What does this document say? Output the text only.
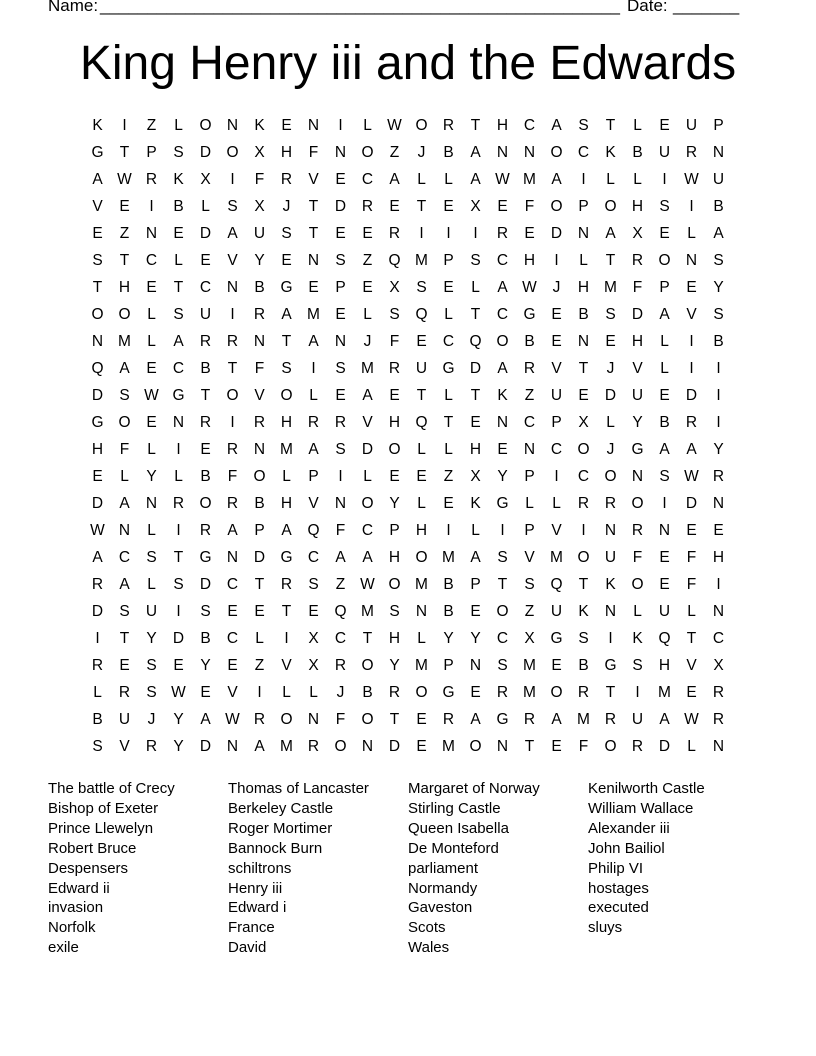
Name: _______________________________________________________ Date: _______
King Henry iii and the Edwards
K	I	Z	L	O N	K	E	N	I	L W O R	T	H	C	A	S	T	L	E	U	P
G	T	P	S	D O	X	H	F	N O	Z	J	B	A	N	N O C	K	B	U	R	N
A W R	K	X	I	F	R	V	E	C	A	L	L	A W M A	I	L	L	I	W U
V	E	I	B	L	S	X	J	T	D	R	E	T	E	X	E	F	O	P	O H	S	I	B
E	Z	N	E	D	A	U	S	T	E	E	R	I	I	I	R	E	D	N	A	X	E	L	A
S	T	C	L	E	V	Y	E	N	S	Z	Q M P	S	C	H	I	L	T	R O N	S
T	H	E	T	C	N	B	G	E	P	E	X	S	E	L	A W	J	H M	F	P	E	Y
O O	L	S	U	I	R	A M E	L	S	Q	L	T	C G	E	B	S	D	A	V	S
N M	L	A	R	R	N	T	A	N	J	F	E	C Q O	B	E	N	E	H	L	I	B
Q	A	E	C	B	T	F	S	I	S M R	U G D	A	R	V	T	J	V	L	I	I
D	S W G	T	O	V	O	L	E	A	E	T	L	T	K	Z	U	E	D	U	E	D	I
G O	E	N	R	I	R	H	R	R	V	H Q	T	E	N	C	P	X	L	Y	B	R	I
H	F	L	I	E	R	N M A	S	D O	L	L	H	E	N	C O	J	G	A	A	Y
E	L	Y	L	B	F	O	L	P	I	L	E	E	Z	X	Y	P	I	C O N	S W R
D	A	N	R O R	B	H	V	N O	Y	L	E	K	G	L	L	R	R O	I	D	N
W N	L	I	R	A	P	A	Q	F	C	P	H	I	L	I	P	V	I	N	R	N	E	E
A	C	S	T	G N	D G C	A	A	H O M A	S	V M O U	F	E	F	H
R	A	L	S	D	C	T	R	S	Z W O M B	P	T	S	Q	T	K	O	E	F	I
D	S	U	I	S	E	E	T	E	Q M S	N	B	E	O	Z	U	K	N	L	U	L	N
I	T	Y	D	B	C	L	I	X	C	T	H	L	Y	Y	C	X	G	S	I	K	Q	T	C
R	E	S	E	Y	E	Z	V	X	R O	Y M P	N	S M E	B	G	S	H	V	X
L	R	S W E	V	I	L	L	J	B	R O G	E	R M O R	T	I	M E	R
B	U	J	Y	A W R O N	F	O	T	E	R	A	G R	A M R	U	A W R
S	V	R	Y	D	N	A M R O N	D	E M O N	T	E	F	O R	D	L	N
The battle of Crecy
Bishop of Exeter
Prince Llewelyn
Robert Bruce
Despensers
Edward ii
invasion
Norfolk
exile
Thomas of Lancaster
Berkeley Castle
Roger Mortimer
Bannock Burn
schiltrons
Henry iii
Edward i
France
David
Margaret of Norway
Stirling Castle
Queen Isabella
De Monteford
parliament
Normandy
Gaveston
Scots
Wales
Kenilworth Castle
William Wallace
Alexander iii
John Bailiol
Philip VI
hostages
executed
sluys
